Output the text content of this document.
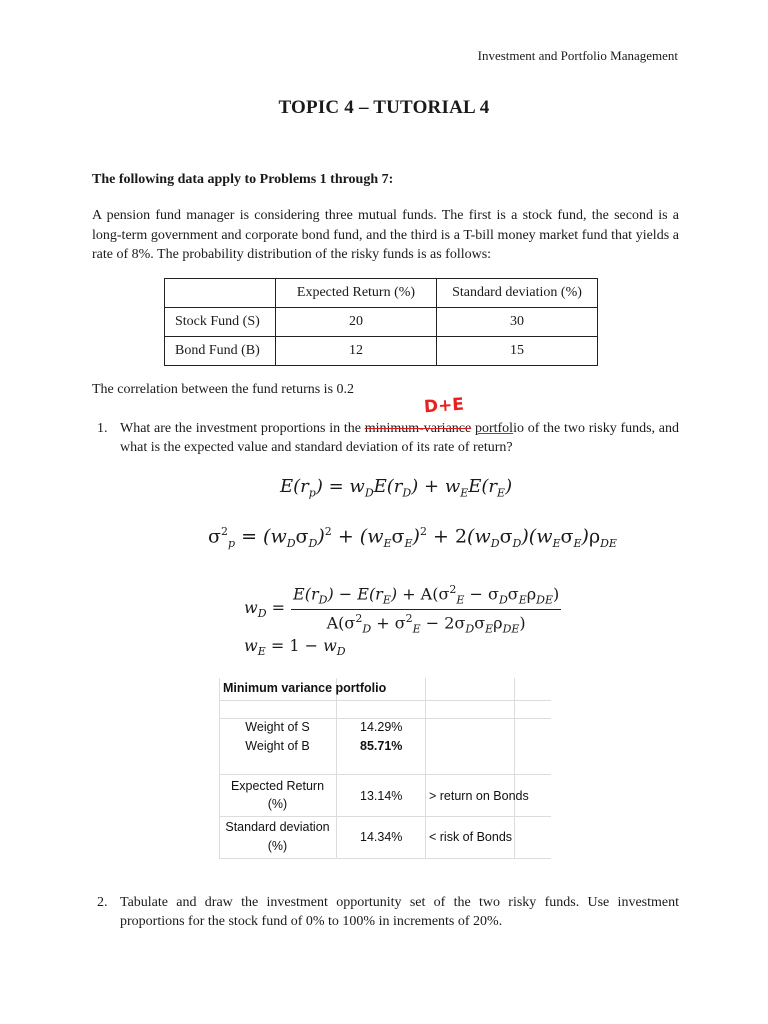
Investment and Portfolio Management
TOPIC 4 – TUTORIAL 4
The following data apply to Problems 1 through 7:
A pension fund manager is considering three mutual funds. The first is a stock fund, the second is a long-term government and corporate bond fund, and the third is a T-bill money market fund that yields a rate of 8%. The probability distribution of the risky funds is as follows:
	Expected Return (%)	Standard deviation (%)
Stock Fund (S)	20	30
Bond Fund (B)	12	15
The correlation between the fund returns is 0.2
D+E
1. What are the investment proportions in the minimum-variance portfolio of the two risky funds, and what is the expected value and standard deviation of its rate of return?
$E(r_p) = w_DE(r_D) + w_EE(r_E)$
$\sigma^2_p = (w_D\sigma_D)^2 + (w_E\sigma_E)^2 + 2(w_D\sigma_D)(w_E\sigma_E)\rho_{DE}$
$w_D$ =
$E(r_D) - E(r_E) + A(\sigma^2_E - \sigma_D\sigma_E\rho_{DE})$
$A(\sigma^2_D + \sigma^2_E - 2\sigma_D\sigma_E\rho_{DE})$
$w_E = 1 - w_D$
Minimum variance portfolio
Weight of S	14.29%
Weight of B	85.71%
Expected Return
(%)
13.14% > return on Bonds
Standard deviation
(%)
14.34% < risk of Bonds
2. Tabulate and draw the investment opportunity set of the two risky funds. Use investment proportions for the stock fund of 0% to 100% in increments of 20%.
